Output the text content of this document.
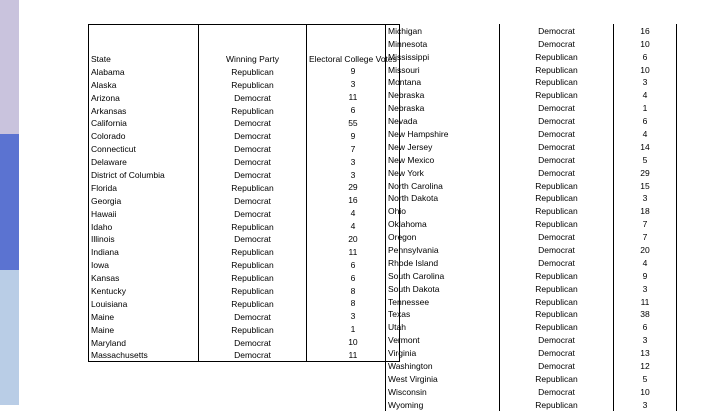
State	Winning Party	Electoral College Votes
Alabama	Republican	9
Alaska	Republican	3
Arizona	Democrat	11
Arkansas	Republican	6
California	Democrat	55
Colorado	Democrat	9
Connecticut	Democrat	7
Delaware	Democrat	3
District of Columbia	Democrat	3
Florida	Republican	29
Georgia	Democrat	16
Hawaii	Democrat	4
Idaho	Republican	4
Illinois	Democrat	20
Indiana	Republican	11
Iowa	Republican	6
Kansas	Republican	6
Kentucky	Republican	8
Louisiana	Republican	8
Maine	Democrat	3
Maine	Republican	1
Maryland	Democrat	10
Massachusetts	Democrat	11
Michigan	Democrat	16
Minnesota	Democrat	10
Mississippi	Republican	6
Missouri	Republican	10
Montana	Republican	3
Nebraska	Republican	4
Nebraska	Democrat	1
Nevada	Democrat	6
New Hampshire	Democrat	4
New Jersey	Democrat	14
New Mexico	Democrat	5
New York	Democrat	29
North Carolina	Republican	15
North Dakota	Republican	3
Ohio	Republican	18
Oklahoma	Republican	7
Oregon	Democrat	7
Pennsylvania	Democrat	20
Rhode Island	Democrat	4
South Carolina	Republican	9
South Dakota	Republican	3
Tennessee	Republican	11
Texas	Republican	38
Utah	Republican	6
Vermont	Democrat	3
Virginia	Democrat	13
Washington	Democrat	12
West Virginia	Republican	5
Wisconsin	Democrat	10
Wyoming	Republican	3
